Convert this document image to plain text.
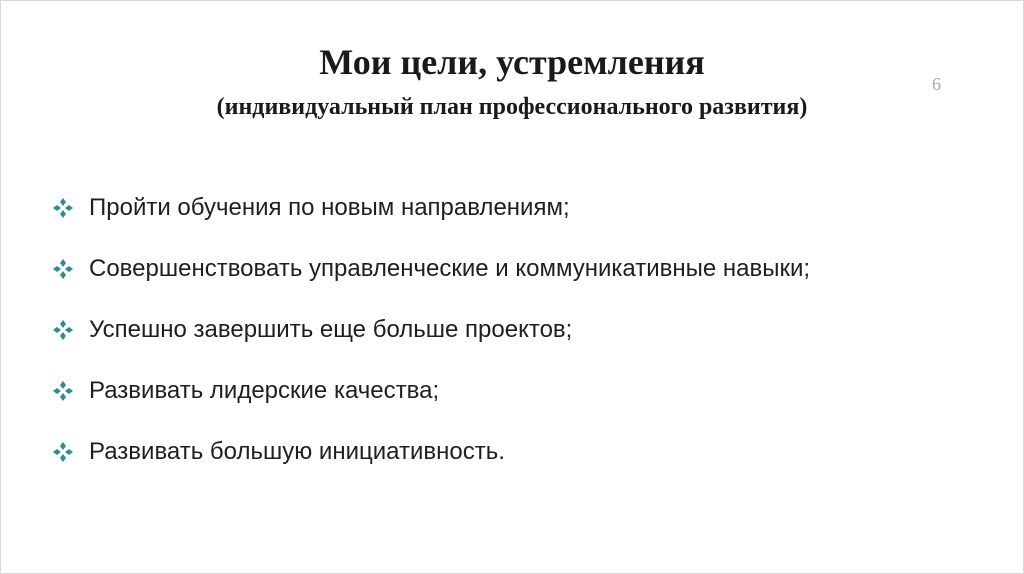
6
Мои цели, устремления
(индивидуальный план профессионального развития)
Пройти обучения по новым направлениям;
Совершенствовать управленческие и коммуникативные навыки;
Успешно завершить еще больше проектов;
Развивать лидерские качества;
Развивать большую инициативность.
